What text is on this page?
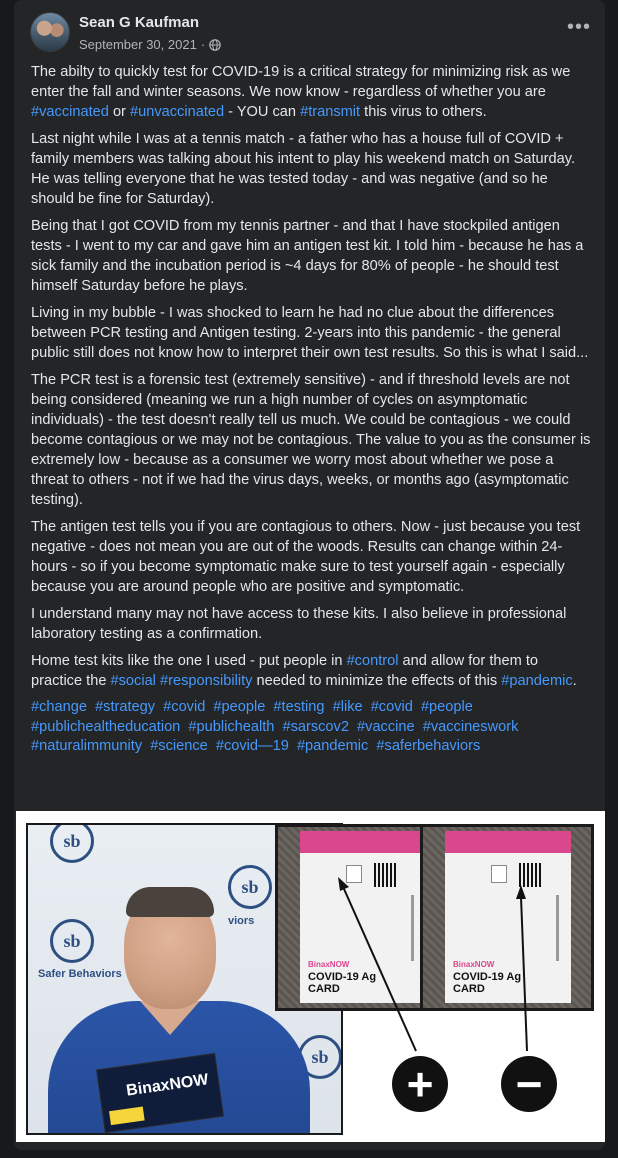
Sean G Kaufman
September 30, 2021 ·
•••

The abilty to quickly test for COVID-19 is a critical strategy for minimizing risk as we enter the fall and winter seasons. We now know - regardless of whether you are #vaccinated or #unvaccinated - YOU can #transmit this virus to others.

Last night while I was at a tennis match - a father who has a house full of COVID + family members was talking about his intent to play his weekend match on Saturday. He was telling everyone that he was tested today - and was negative (and so he should be fine for Saturday).

Being that I got COVID from my tennis partner - and that I have stockpiled antigen tests - I went to my car and gave him an antigen test kit. I told him - because he has a sick family and the incubation period is ~4 days for 80% of people - he should test himself Saturday before he plays.

Living in my bubble - I was shocked to learn he had no clue about the differences between PCR testing and Antigen testing. 2-years into this pandemic - the general public still does not know how to interpret their own test results. So this is what I said...

The PCR test is a forensic test (extremely sensitive) - and if threshold levels are not being considered (meaning we run a high number of cycles on asymptomatic individuals) - the test doesn't really tell us much. We could be contagious - we could become contagious or we may not be contagious. The value to you as the consumer is extremely low - because as a consumer we worry most about whether we pose a threat to others - not if we had the virus days, weeks, or months ago (asymptomatic testing).

The antigen test tells you if you are contagious to others. Now - just because you test negative - does not mean you are out of the woods. Results can change within 24-hours - so if you become symptomatic make sure to test yourself again - especially because you are around people who are positive and symptomatic.

I understand many may not have access to these kits. I also believe in professional laboratory testing as a confirmation.

Home test kits like the one I used - put people in #control and allow for them to practice the #social #responsibility needed to minimize the effects of this #pandemic.

#change #strategy #covid #people #testing #like #covid #people #publichealtheducation #publichealth #sarscov2 #vaccine #vaccineswork #naturalimmunity #science #covid—19 #pandemic #saferbehaviors
sb
sb
Safer Behaviors
sb
viors
sb
BinaxNOW
BinaxNOW
COVID-19 Ag
CARD
BinaxNOW
COVID-19 Ag
CARD
+	−
